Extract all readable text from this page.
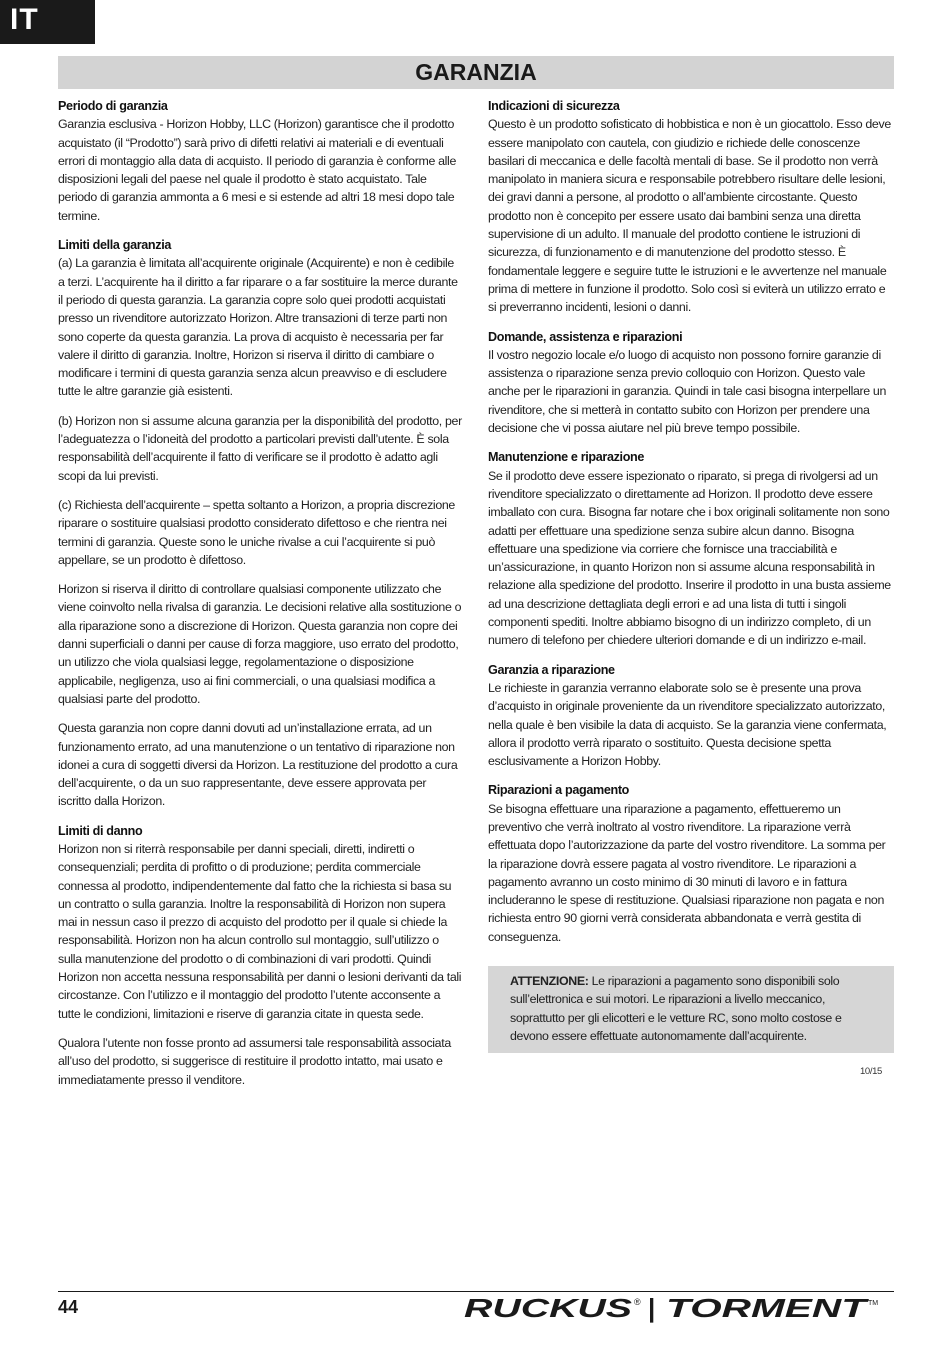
IT
GARANZIA
Periodo di garanzia
Garanzia esclusiva - Horizon Hobby, LLC (Horizon) garantisce che il prodotto acquistato (il “Prodotto”) sarà privo di difetti relativi ai materiali e di eventuali errori di montaggio alla data di acquisto. Il periodo di garanzia è conforme alle disposizioni legali del paese nel quale il prodotto è stato acquistato. Tale periodo di garanzia ammonta a 6 mesi e si estende ad altri 18 mesi dopo tale termine.
Limiti della garanzia
(a) La garanzia è limitata all’acquirente originale (Acquirente) e non è cedibile a terzi. L’acquirente ha il diritto a far riparare o a far sostituire la merce durante il periodo di questa garanzia. La garanzia copre solo quei prodotti acquistati presso un rivenditore autorizzato Horizon. Altre transazioni di terze parti non sono coperte da questa garanzia. La prova di acquisto è necessaria per far valere il diritto di garanzia. Inoltre, Horizon si riserva il diritto di cambiare o modificare i termini di questa garanzia senza alcun preavviso e di escludere tutte le altre garanzie già esistenti.
(b) Horizon non si assume alcuna garanzia per la disponibilità del prodotto, per l’adeguatezza o l’idoneità del prodotto a particolari previsti dall’utente. È sola responsabilità dell’acquirente il fatto di verificare se il prodotto è adatto agli scopi da lui previsti.
(c) Richiesta dell’acquirente – spetta soltanto a Horizon, a propria discrezione riparare o sostituire qualsiasi prodotto considerato difettoso e che rientra nei termini di garanzia. Queste sono le uniche rivalse a cui l’acquirente si può appellare, se un prodotto è difettoso.
Horizon si riserva il diritto di controllare qualsiasi componente utilizzato che viene coinvolto nella rivalsa di garanzia. Le decisioni relative alla sostituzione o alla riparazione sono a discrezione di Horizon. Questa garanzia non copre dei danni superficiali o danni per cause di forza maggiore, uso errato del prodotto, un utilizzo che viola qualsiasi legge, regolamentazione o disposizione applicabile, negligenza, uso ai fini commerciali, o una qualsiasi modifica a qualsiasi parte del prodotto.
Questa garanzia non copre danni dovuti ad un’installazione errata, ad un funzionamento errato, ad una manutenzione o un tentativo di riparazione non idonei a cura di soggetti diversi da Horizon. La restituzione del prodotto a cura dell’acquirente, o da un suo rappresentante, deve essere approvata per iscritto dalla Horizon.
Limiti di danno
Horizon non si riterrà responsabile per danni speciali, diretti, indiretti o consequenziali; perdita di profitto o di produzione; perdita commerciale connessa al prodotto, indipendentemente dal fatto che la richiesta si basa su un contratto o sulla garanzia. Inoltre la responsabilità di Horizon non supera mai in nessun caso il prezzo di acquisto del prodotto per il quale si chiede la responsabilità. Horizon non ha alcun controllo sul montaggio, sull’utilizzo o sulla manutenzione del prodotto o di combinazioni di vari prodotti. Quindi Horizon non accetta nessuna responsabilità per danni o lesioni derivanti da tali circostanze. Con l’utilizzo e il montaggio del prodotto l’utente acconsente a tutte le condizioni, limitazioni e riserve di garanzia citate in questa sede.
Qualora l’utente non fosse pronto ad assumersi tale responsabilità associata all’uso del prodotto, si suggerisce di restituire il prodotto intatto, mai usato e immediatamente presso il venditore.
Indicazioni di sicurezza
Questo è un prodotto sofisticato di hobbistica e non è un giocattolo. Esso deve essere manipolato con cautela, con giudizio e richiede delle conoscenze basilari di meccanica e delle facoltà mentali di base. Se il prodotto non verrà manipolato in maniera sicura e responsabile potrebbero risultare delle lesioni, dei gravi danni a persone, al prodotto o all’ambiente circostante. Questo prodotto non è concepito per essere usato dai bambini senza una diretta supervisione di un adulto. Il manuale del prodotto contiene le istruzioni di sicurezza, di funzionamento e di manutenzione del prodotto stesso. È fondamentale leggere e seguire tutte le istruzioni e le avvertenze nel manuale prima di mettere in funzione il prodotto. Solo così si eviterà un utilizzo errato e si preverranno incidenti, lesioni o danni.
Domande, assistenza e riparazioni
Il vostro negozio locale e/o luogo di acquisto non possono fornire garanzie di assistenza o riparazione senza previo colloquio con Horizon. Questo vale anche per le riparazioni in garanzia. Quindi in tale casi bisogna interpellare un rivenditore, che si metterà in contatto subito con Horizon per prendere una decisione che vi possa aiutare nel più breve tempo possibile.
Manutenzione e riparazione
Se il prodotto deve essere ispezionato o riparato, si prega di rivolgersi ad un rivenditore specializzato o direttamente ad Horizon. Il prodotto deve essere imballato con cura. Bisogna far notare che i box originali solitamente non sono adatti per effettuare una spedizione senza subire alcun danno. Bisogna effettuare una spedizione via corriere che fornisce una tracciabilità e un’assicurazione, in quanto Horizon non si assume alcuna responsabilità in relazione alla spedizione del prodotto. Inserire il prodotto in una busta assieme ad una descrizione dettagliata degli errori e ad una lista di tutti i singoli componenti spediti. Inoltre abbiamo bisogno di un indirizzo completo, di un numero di telefono per chiedere ulteriori domande e di un indirizzo e-mail.
Garanzia a riparazione
Le richieste in garanzia verranno elaborate solo se è presente una prova d’acquisto in originale proveniente da un rivenditore specializzato autorizzato, nella quale è ben visibile la data di acquisto. Se la garanzia viene confermata, allora il prodotto verrà riparato o sostituito. Questa decisione spetta esclusivamente a Horizon Hobby.
Riparazioni a pagamento
Se bisogna effettuare una riparazione a pagamento, effettueremo un preventivo che verrà inoltrato al vostro rivenditore. La riparazione verrà effettuata dopo l’autorizzazione da parte del vostro rivenditore. La somma per la riparazione dovrà essere pagata al vostro rivenditore. Le riparazioni a pagamento avranno un costo minimo di 30 minuti di lavoro e in fattura includeranno le spese di restituzione. Qualsiasi riparazione non pagata e non richiesta entro 90 giorni verrà considerata abbandonata e verrà gestita di conseguenza.
ATTENZIONE: Le riparazioni a pagamento sono disponibili solo sull’elettronica e sui motori. Le riparazioni a livello meccanico, soprattutto per gli elicotteri e le vetture RC, sono molto costose e devono essere effettuate autonomamente dall’acquirente.
10/15
44	RUCKUS ® | TORMENT
TM
